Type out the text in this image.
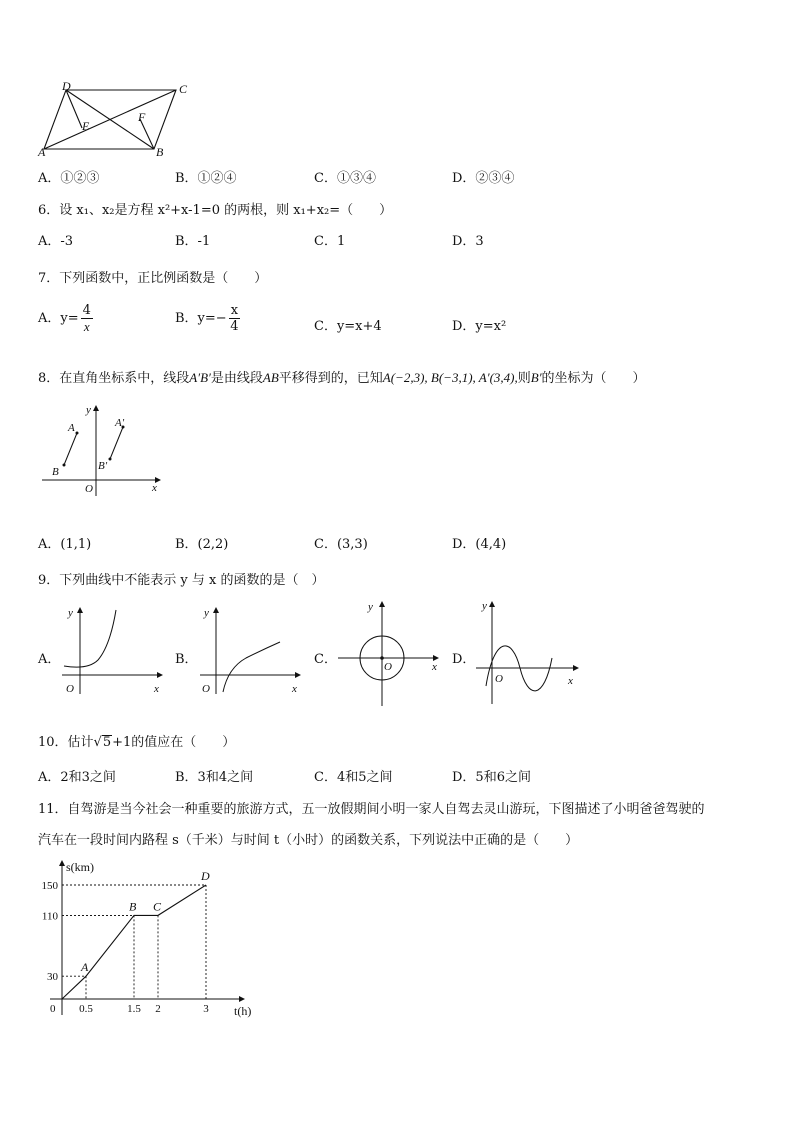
D	C
A	B
E
F
A．①②③	B．①②④	C．①③④	D．②③④
6．设 x₁、x₂是方程 x²+x-1=0 的两根，则 x₁+x₂=（　　）
A．-3	B．-1	C．1	D．3
7．下列函数中，正比例函数是（　　）
A．$y= \frac{4}{x}$	B．$y=- \frac{x}{4}$	C．y=x+4	D．y=x²
8．在直角坐标系中，线段A′B′是由线段AB平移得到的，已知A(−2,3), B(−3,1), A′(3,4),则B′的坐标为（　　）
y
x
O
A
B
A′
B′
A．(1,1)	B．(2,2)	C．(3,3)	D．(4,4)
9．下列曲线中不能表示 y 与 x 的函数的是（　）
A．
y
x
O
B．
y
x
O
C．
y
x
O	D．
y
x
O
10．估计√5+1的值应在（　　）
A．2和3之间	B．3和4之间	C．4和5之间	D．5和6之间
11．自驾游是当今社会一种重要的旅游方式，五一放假期间小明一家人自驾去灵山游玩，下图描述了小明爸爸驾驶的
汽车在一段时间内路程 s（千米）与时间 t（小时）的函数关系，下列说法中正确的是（　　）
s(km)
t(h)
0
A
B C
D
0.5	1.5 2	3
30
110
150
